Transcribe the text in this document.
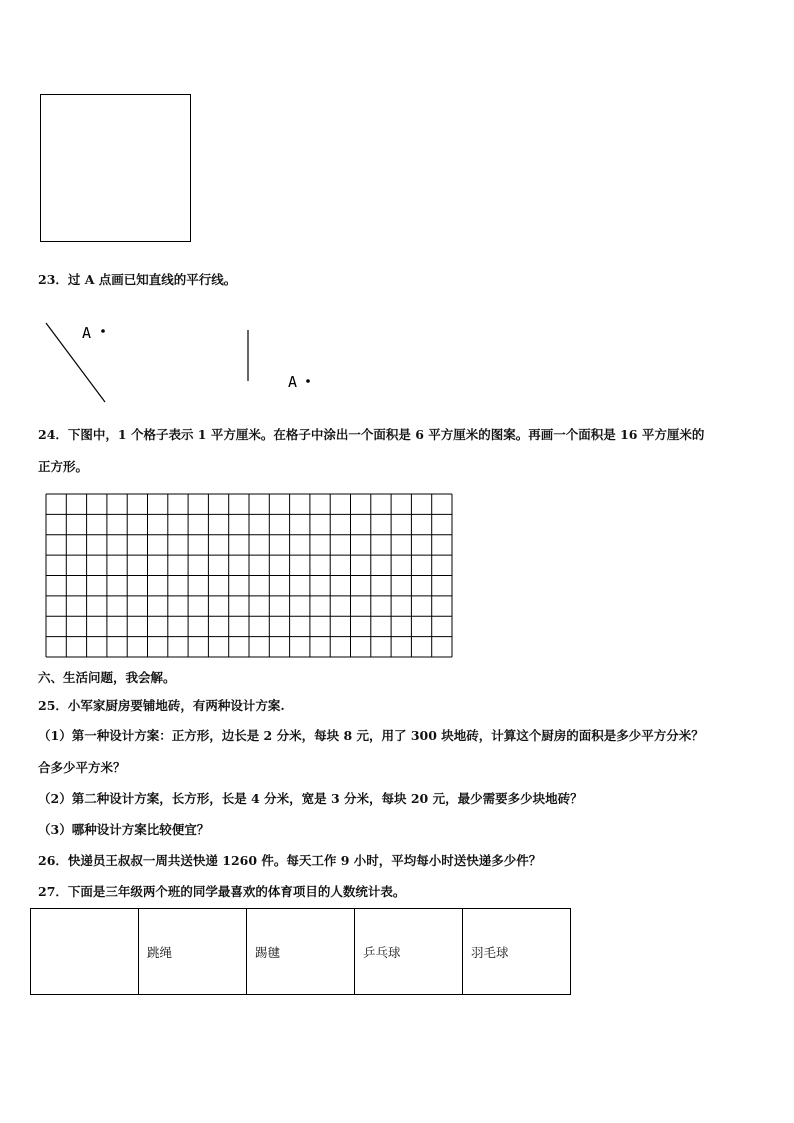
23．过 A 点画已知直线的平行线。
A
A
24．下图中，1 个格子表示 1 平方厘米。在格子中涂出一个面积是 6 平方厘米的图案。再画一个面积是 16 平方厘米的
正方形。
六、生活问题，我会解。
25．小军家厨房要铺地砖，有两种设计方案.
（1）第一种设计方案：正方形，边长是 2 分米，每块 8 元，用了 300 块地砖，计算这个厨房的面积是多少平方分米？
合多少平方米？
（2）第二种设计方案，长方形，长是 4 分米，宽是 3 分米，每块 20 元，最少需要多少块地砖？
（3）哪种设计方案比较便宜？
26．快递员王叔叔一周共送快递 1260 件。每天工作 9 小时，平均每小时送快递多少件？
27．下面是三年级两个班的同学最喜欢的体育项目的人数统计表。
	跳绳	踢毽	乒乓球	羽毛球
